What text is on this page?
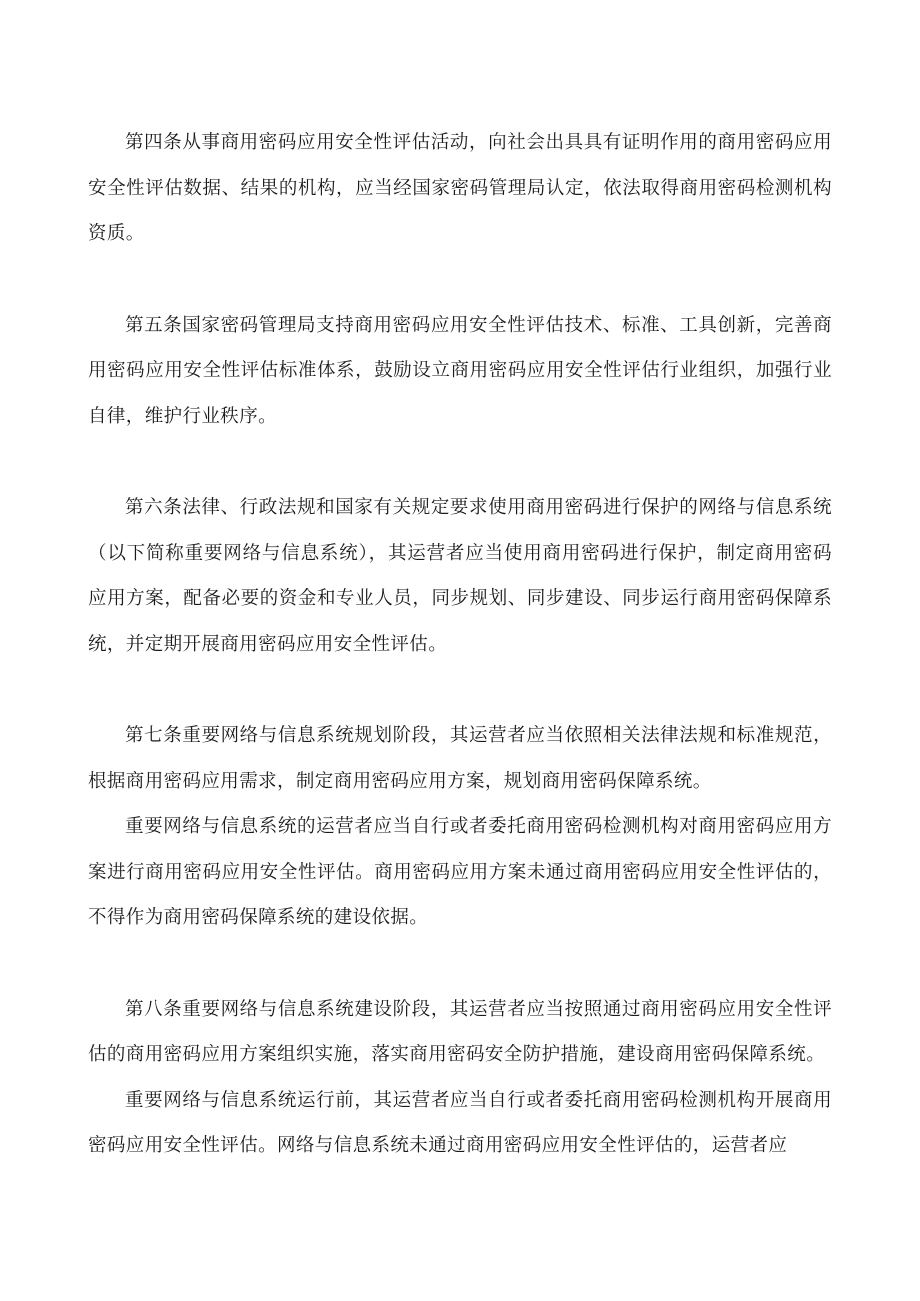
第四条从事商用密码应用安全性评估活动，向社会出具具有证明作用的商用密码应用安全性评估数据、结果的机构，应当经国家密码管理局认定，依法取得商用密码检测机构资质。

第五条国家密码管理局支持商用密码应用安全性评估技术、标准、工具创新，完善商用密码应用安全性评估标准体系，鼓励设立商用密码应用安全性评估行业组织，加强行业自律，维护行业秩序。

第六条法律、行政法规和国家有关规定要求使用商用密码进行保护的网络与信息系统（以下简称重要网络与信息系统），其运营者应当使用商用密码进行保护，制定商用密码应用方案，配备必要的资金和专业人员，同步规划、同步建设、同步运行商用密码保障系统，并定期开展商用密码应用安全性评估。

第七条重要网络与信息系统规划阶段，其运营者应当依照相关法律法规和标准规范，根据商用密码应用需求，制定商用密码应用方案，规划商用密码保障系统。

重要网络与信息系统的运营者应当自行或者委托商用密码检测机构对商用密码应用方案进行商用密码应用安全性评估。商用密码应用方案未通过商用密码应用安全性评估的，不得作为商用密码保障系统的建设依据。

第八条重要网络与信息系统建设阶段，其运营者应当按照通过商用密码应用安全性评估的商用密码应用方案组织实施，落实商用密码安全防护措施，建设商用密码保障系统。

重要网络与信息系统运行前，其运营者应当自行或者委托商用密码检测机构开展商用密码应用安全性评估。网络与信息系统未通过商用密码应用安全性评估的，运营者应
